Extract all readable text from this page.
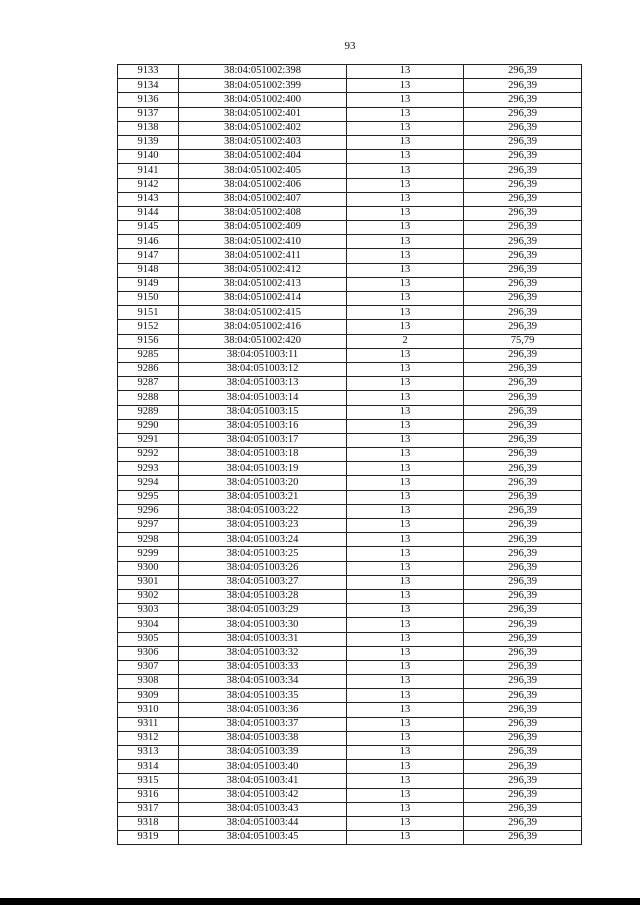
93
9133	38:04:051002:398	13	296,39
9134	38:04:051002:399	13	296,39
9136	38:04:051002:400	13	296,39
9137	38:04:051002:401	13	296,39
9138	38:04:051002:402	13	296,39
9139	38:04:051002:403	13	296,39
9140	38:04:051002:404	13	296,39
9141	38:04:051002:405	13	296,39
9142	38:04:051002:406	13	296,39
9143	38:04:051002:407	13	296,39
9144	38:04:051002:408	13	296,39
9145	38:04:051002:409	13	296,39
9146	38:04:051002:410	13	296,39
9147	38:04:051002:411	13	296,39
9148	38:04:051002:412	13	296,39
9149	38:04:051002:413	13	296,39
9150	38:04:051002:414	13	296,39
9151	38:04:051002:415	13	296,39
9152	38:04:051002:416	13	296,39
9156	38:04:051002:420	2	75,79
9285	38:04:051003:11	13	296,39
9286	38:04:051003:12	13	296,39
9287	38:04:051003:13	13	296,39
9288	38:04:051003:14	13	296,39
9289	38:04:051003:15	13	296,39
9290	38:04:051003:16	13	296,39
9291	38:04:051003:17	13	296,39
9292	38:04:051003:18	13	296,39
9293	38:04:051003:19	13	296,39
9294	38:04:051003:20	13	296,39
9295	38:04:051003:21	13	296,39
9296	38:04:051003:22	13	296,39
9297	38:04:051003:23	13	296,39
9298	38:04:051003:24	13	296,39
9299	38:04:051003:25	13	296,39
9300	38:04:051003:26	13	296,39
9301	38:04:051003:27	13	296,39
9302	38:04:051003:28	13	296,39
9303	38:04:051003:29	13	296,39
9304	38:04:051003:30	13	296,39
9305	38:04:051003:31	13	296,39
9306	38:04:051003:32	13	296,39
9307	38:04:051003:33	13	296,39
9308	38:04:051003:34	13	296,39
9309	38:04:051003:35	13	296,39
9310	38:04:051003:36	13	296,39
9311	38:04:051003:37	13	296,39
9312	38:04:051003:38	13	296,39
9313	38:04:051003:39	13	296,39
9314	38:04:051003:40	13	296,39
9315	38:04:051003:41	13	296,39
9316	38:04:051003:42	13	296,39
9317	38:04:051003:43	13	296,39
9318	38:04:051003:44	13	296,39
9319	38:04:051003:45	13	296,39
